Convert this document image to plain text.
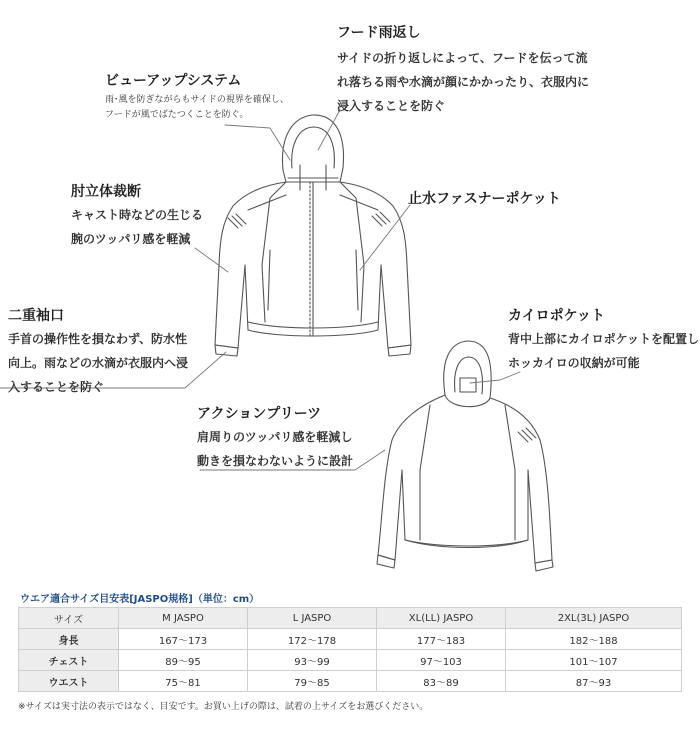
フード雨返し
サイドの折り返しによって、フードを伝って流
れ落ちる雨や水滴が顔にかかったり、衣服内に
浸入することを防ぐ
ビューアップシステム
雨･風を防ぎながらもサイドの視界を確保し、
フードが風でばたつくことを防ぐ。
肘立体裁断
キャスト時などの生じる
腕のツッパリ感を軽減
止水ファスナーポケット
二重袖口
手首の操作性を損なわず、防水性
向上。雨などの水滴が衣服内へ浸
入することを防ぐ
カイロポケット
背中上部にカイロポケットを配置し
ホッカイロの収納が可能
アクションプリーツ
肩周りのツッパリ感を軽減し
動きを損なわないように設計
ウエア適合サイズ目安表[JASPO規格]（単位：cm）
サイズ	M JASPO	L JASPO	XL(LL) JASPO	2XL(3L) JASPO
身長	167〜173	172〜178	177〜183	182〜188
チェスト	89〜95	93〜99	97〜103	101〜107
ウエスト	75〜81	79〜85	83〜89	87〜93
※サイズは実寸法の表示ではなく、目安です。お買い上げの際は、試着の上サイズをお選びください。
